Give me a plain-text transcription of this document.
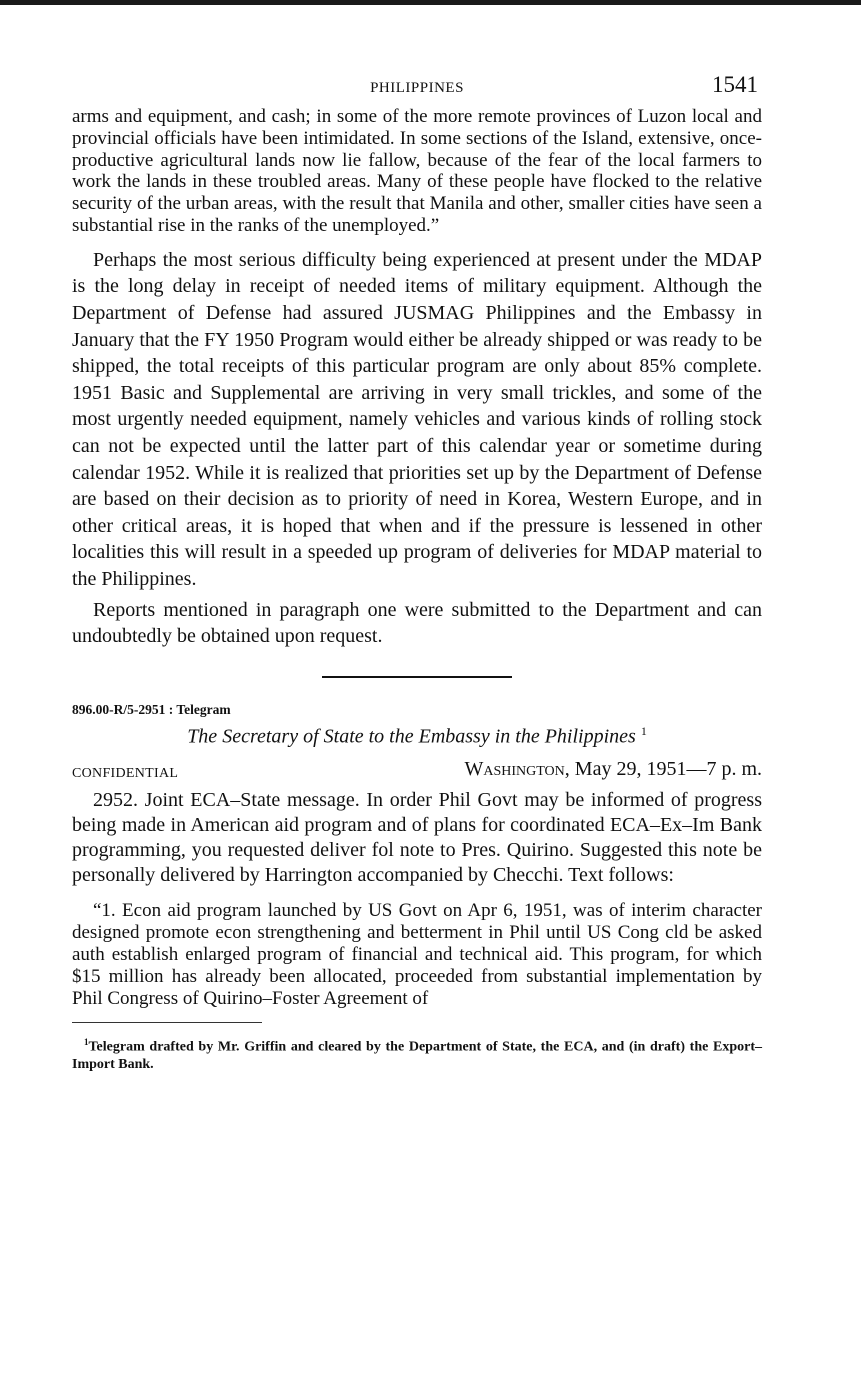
PHILIPPINES	1541

arms and equipment, and cash; in some of the more remote provinces of Luzon local and provincial officials have been intimidated. In some sections of the Island, extensive, once-productive agricultural lands now lie fallow, because of the fear of the local farmers to work the lands in these troubled areas. Many of these people have flocked to the relative security of the urban areas, with the result that Manila and other, smaller cities have seen a substantial rise in the ranks of the unemployed.”

Perhaps the most serious difficulty being experienced at present under the MDAP is the long delay in receipt of needed items of military equipment. Although the Department of Defense had assured JUSMAG Philippines and the Embassy in January that the FY 1950 Program would either be already shipped or was ready to be shipped, the total receipts of this particular program are only about 85% complete. 1951 Basic and Supplemental are arriving in very small trickles, and some of the most urgently needed equipment, namely vehicles and various kinds of rolling stock can not be expected until the latter part of this calendar year or sometime during calendar 1952. While it is realized that priorities set up by the Department of Defense are based on their decision as to priority of need in Korea, Western Europe, and in other critical areas, it is hoped that when and if the pressure is lessened in other localities this will result in a speeded up program of deliveries for MDAP material to the Philippines.

Reports mentioned in paragraph one were submitted to the Department and can undoubtedly be obtained upon request.

896.00-R/5-2951 : Telegram

The Secretary of State to the Embassy in the Philippines $^1$
CONFIDENTIAL	Washington, May 29, 1951—7 p. m.

2952. Joint ECA–State message. In order Phil Govt may be informed of progress being made in American aid program and of plans for coordinated ECA–Ex–Im Bank programming, you requested deliver fol note to Pres. Quirino. Suggested this note be personally delivered by Harrington accompanied by Checchi. Text follows:

“1. Econ aid program launched by US Govt on Apr 6, 1951, was of interim character designed promote econ strengthening and betterment in Phil until US Cong cld be asked auth establish enlarged program of financial and technical aid. This program, for which $15 million has already been allocated, proceeded from substantial implementation by Phil Congress of Quirino–Foster Agreement of

$^1$Telegram drafted by Mr. Griffin and cleared by the Department of State, the ECA, and (in draft) the Export–Import Bank.
